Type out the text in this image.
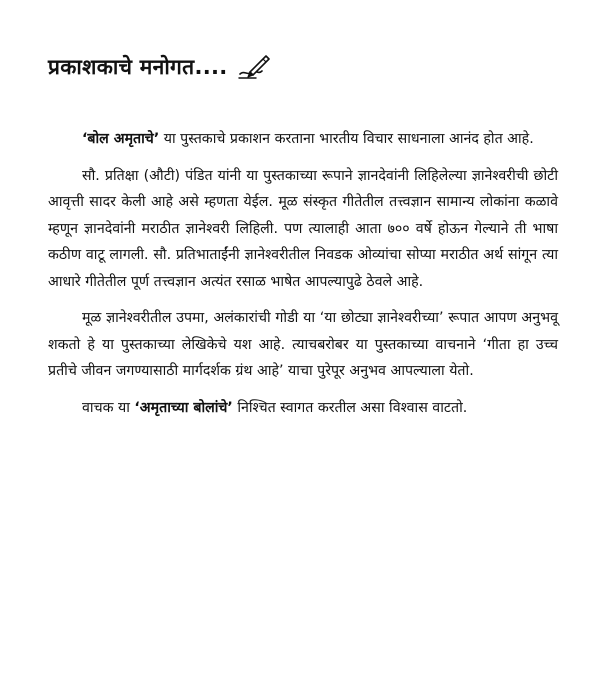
प्रकाशकाचे मनोगत....

‘बोल अमृताचे’ या पुस्तकाचे प्रकाशन करताना भारतीय विचार साधनाला आनंद होत आहे.

सौ. प्रतिक्षा (औटी) पंडित यांनी या पुस्तकाच्या रूपाने ज्ञानदेवांनी लिहिलेल्या ज्ञानेश्वरीची छोटी आवृत्ती सादर केली आहे असे म्हणता येईल. मूळ संस्कृत गीतेतील तत्त्वज्ञान सामान्य लोकांना कळावे म्हणून ज्ञानदेवांनी मराठीत ज्ञानेश्वरी लिहिली. पण त्यालाही आता ७०० वर्षे होऊन गेल्याने ती भाषा कठीण वाटू लागली. सौ. प्रतिभाताईंनी ज्ञानेश्वरीतील निवडक ओव्यांचा सोप्या मराठीत अर्थ सांगून त्या आधारे गीतेतील पूर्ण तत्त्वज्ञान अत्यंत रसाळ भाषेत आपल्यापुढे ठेवले आहे.

मूळ ज्ञानेश्वरीतील उपमा, अलंकारांची गोडी या ‘या छोट्या ज्ञानेश्वरीच्या’ रूपात आपण अनुभवू शकतो हे या पुस्तकाच्या लेखिकेचे यश आहे. त्याचबरोबर या पुस्तकाच्या वाचनाने ‘गीता हा उच्च प्रतीचे जीवन जगण्यासाठी मार्गदर्शक ग्रंथ आहे’ याचा पुरेपूर अनुभव आपल्याला येतो.

वाचक या ‘अमृताच्या बोलांचे’ निश्चित स्वागत करतील असा विश्वास वाटतो.
